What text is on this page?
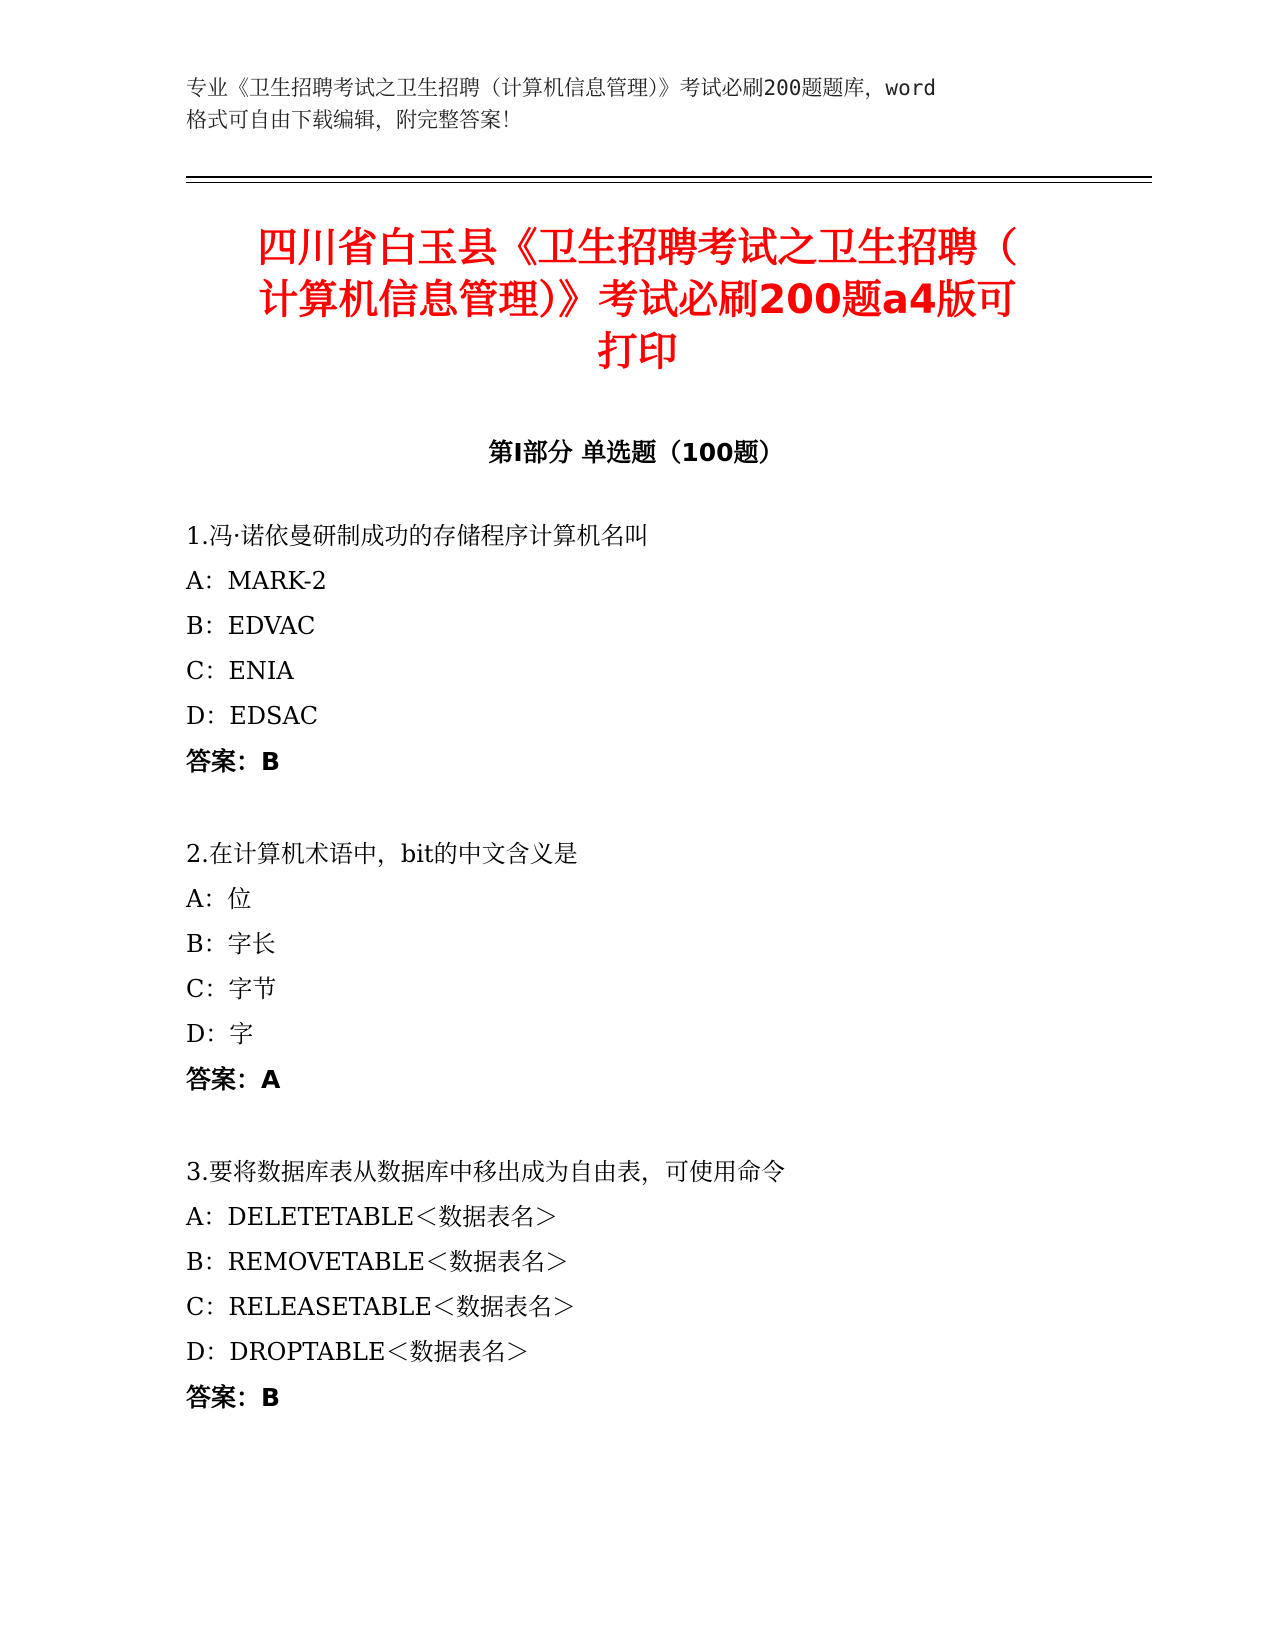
专业《卫生招聘考试之卫生招聘（计算机信息管理）》考试必刷200题题库，word
格式可自由下载编辑，附完整答案！
四川省白玉县《卫生招聘考试之卫生招聘（
计算机信息管理）》考试必刷200题a4版可
打印
第Ⅰ部分 单选题（100题）
1.冯·诺依曼研制成功的存储程序计算机名叫
A：MARK-2
B：EDVAC
C：ENIA
D：EDSAC
答案：B
2.在计算机术语中，bit的中文含义是
A：位
B：字长
C：字节
D：字
答案：A
3.要将数据库表从数据库中移出成为自由表，可使用命令
A：DELETETABLE＜数据表名＞
B：REMOVETABLE＜数据表名＞
C：RELEASETABLE＜数据表名＞
D：DROPTABLE＜数据表名＞
答案：B
